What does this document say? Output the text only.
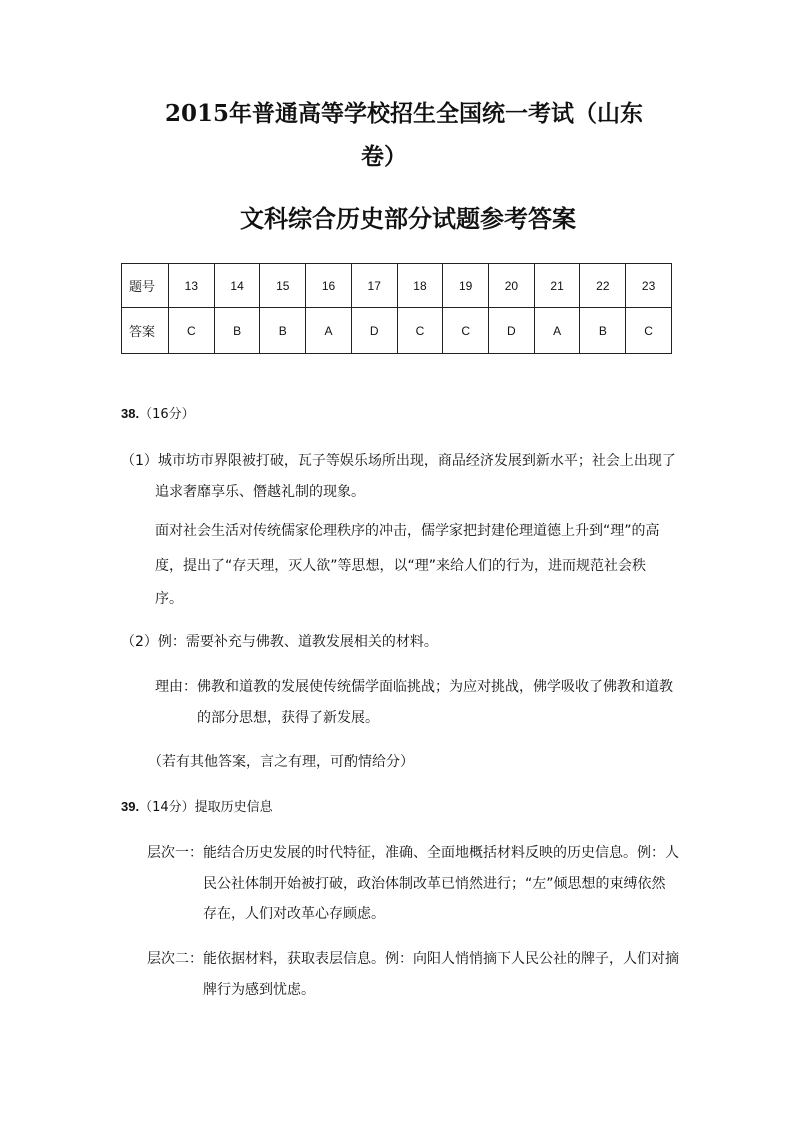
2015年普通高等学校招生全国统一考试（山东
卷）
文科综合历史部分试题参考答案
题号	13	14	15	16	17	18	19	20	21	22	23
答案	C	B	B	A	D	C	C	D	A	B	C
38.（16分）
（1）城市坊市界限被打破，瓦子等娱乐场所出现，商品经济发展到新水平；社会上出现了
追求奢靡享乐、僭越礼制的现象。
面对社会生活对传统儒家伦理秩序的冲击，儒学家把封建伦理道德上升到“理”的高
度，提出了“存天理，灭人欲”等思想，以“理”来给人们的行为，进而规范社会秩
序。
（2）例：需要补充与佛教、道教发展相关的材料。
理由：佛教和道教的发展使传统儒学面临挑战；为应对挑战，佛学吸收了佛教和道教
的部分思想，获得了新发展。
（若有其他答案，言之有理，可酌情给分）
39.（14分）提取历史信息
层次一：能结合历史发展的时代特征，准确、全面地概括材料反映的历史信息。例：人
民公社体制开始被打破，政治体制改革已悄然进行；“左”倾思想的束缚依然
存在，人们对改革心存顾虑。
层次二：能依据材料，获取表层信息。例：向阳人悄悄摘下人民公社的牌子，人们对摘
牌行为感到忧虑。
